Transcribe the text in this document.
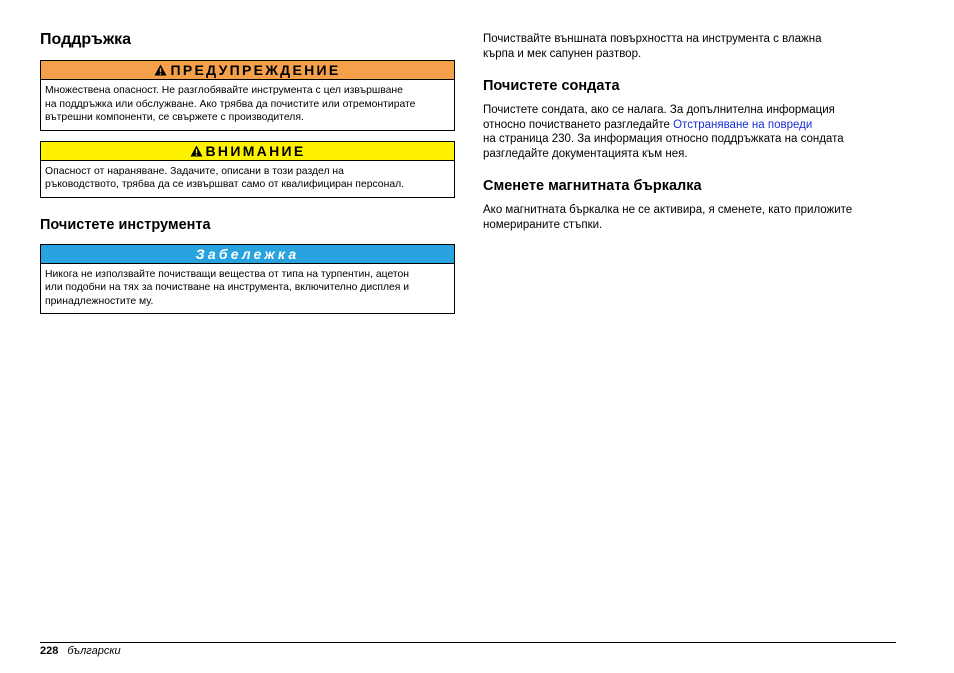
Поддръжка
ПРЕДУПРЕЖДЕНИЕ
Множествена опасност. Не разглобявайте инструмента с цел извършване
на поддръжка или обслужване. Ако трябва да почистите или отремонтирате
вътрешни компоненти, се свържете с производителя.
ВНИМАНИЕ
Опасност от нараняване. Задачите, описани в този раздел на
ръководството, трябва да се извършват само от квалифициран персонал.
Почистете инструмента
Забележка
Никога не използвайте почистващи вещества от типа на турпентин, ацетон
или подобни на тях за почистване на инструмента, включително дисплея и
принадлежностите му.

Почиствайте външната повърхността на инструмента с влажна
кърпа и мек сапунен разтвор.

Почистете сондата

Почистете сондата, ако се налага. За допълнителна информация
относно почистването разгледайте Отстраняване на повреди
на страница 230. За информация относно поддръжката на сондата
разгледайте документацията към нея.

Сменете магнитната бъркалка

Ако магнитната бъркалка не се активира, я сменете, като приложите
номерираните стъпки.

228 български
